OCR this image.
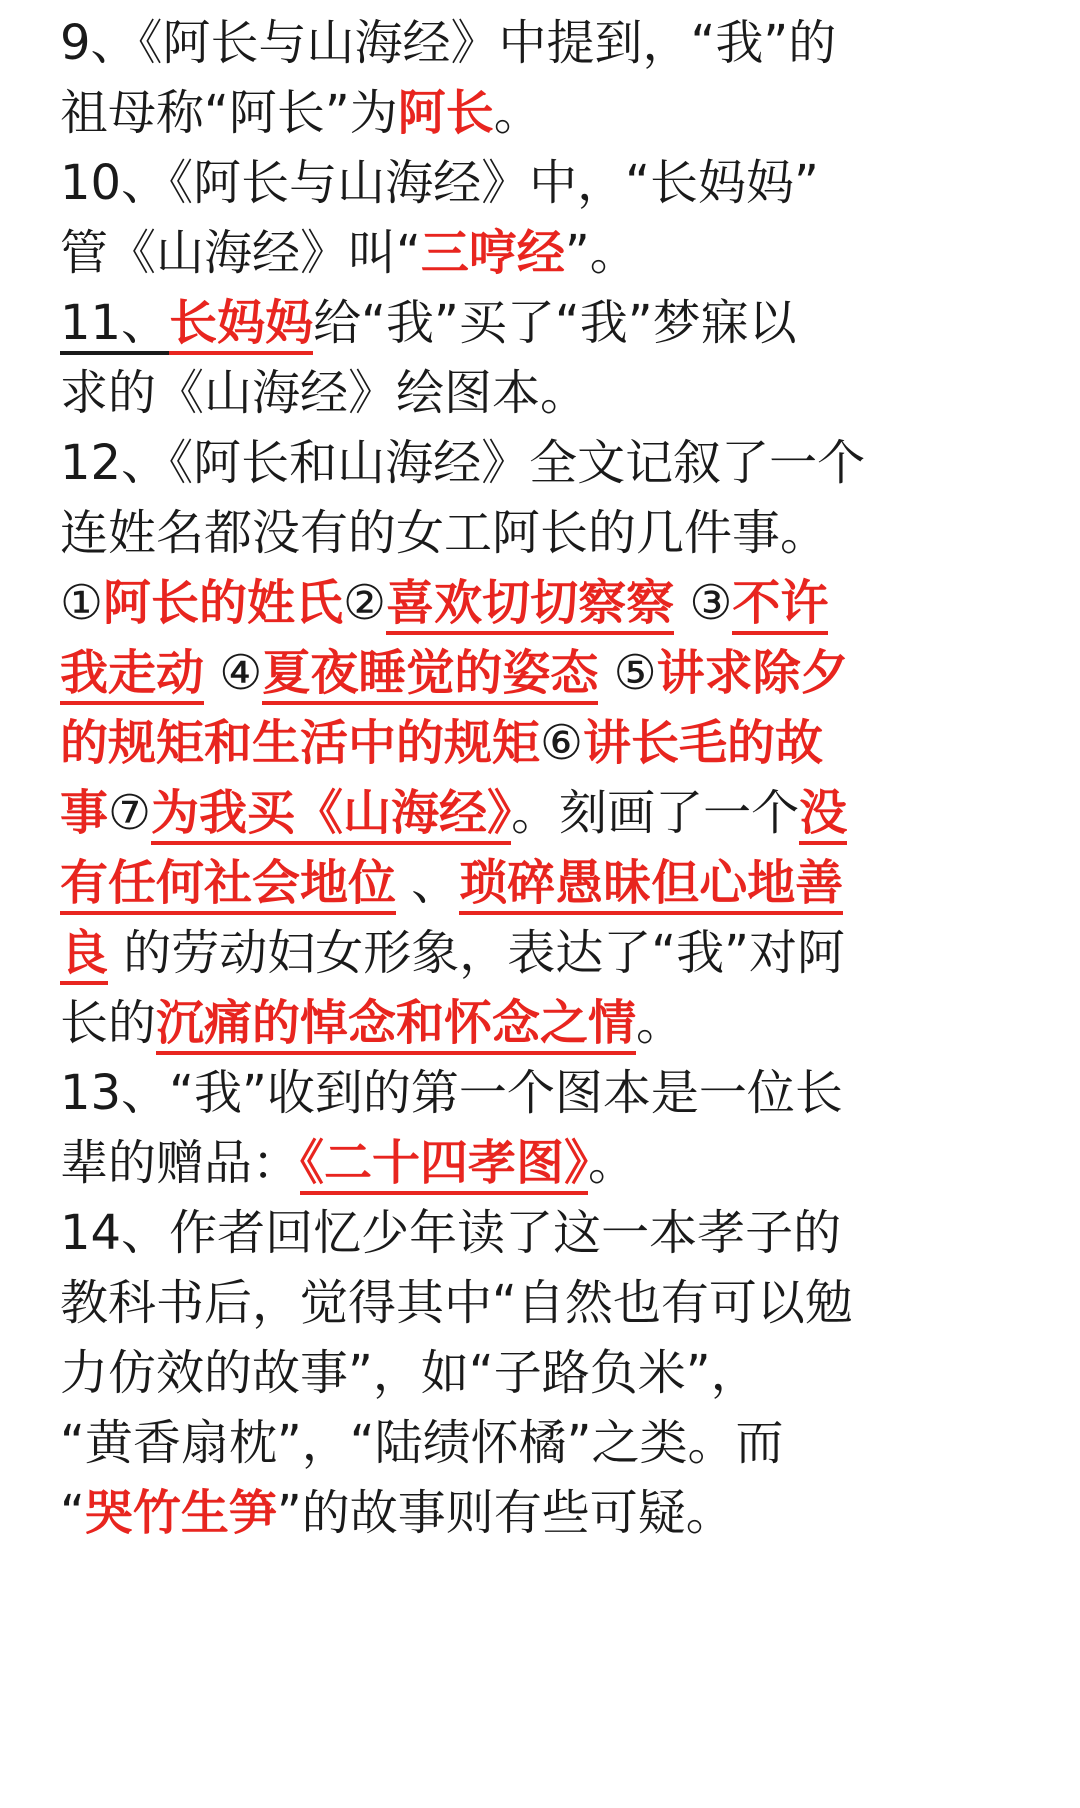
9、《阿长与山海经》中提到，“我”的
祖母称“阿长”为阿长。
10、《阿长与山海经》中，“长妈妈”
管《山海经》叫“三哼经”。
11、长妈妈给“我”买了“我”梦寐以
求的《山海经》绘图本。
12、《阿长和山海经》全文记叙了一个
连姓名都没有的女工阿长的几件事。
①阿长的姓氏②喜欢切切察察 ③不许
我走动 ④夏夜睡觉的姿态 ⑤讲求除夕
的规矩和生活中的规矩⑥讲长毛的故
事⑦为我买《山海经》。刻画了一个没
有任何社会地位 、琐碎愚昧但心地善
良 的劳动妇女形象，表达了“我”对阿
长的沉痛的悼念和怀念之情。
13、“我”收到的第一个图本是一位长
辈的赠品：《二十四孝图》。
14、作者回忆少年读了这一本孝子的
教科书后，觉得其中“自然也有可以勉
力仿效的故事”，如“子路负米”，
“黄香扇枕”，“陆绩怀橘”之类。而
“哭竹生笋”的故事则有些可疑。
